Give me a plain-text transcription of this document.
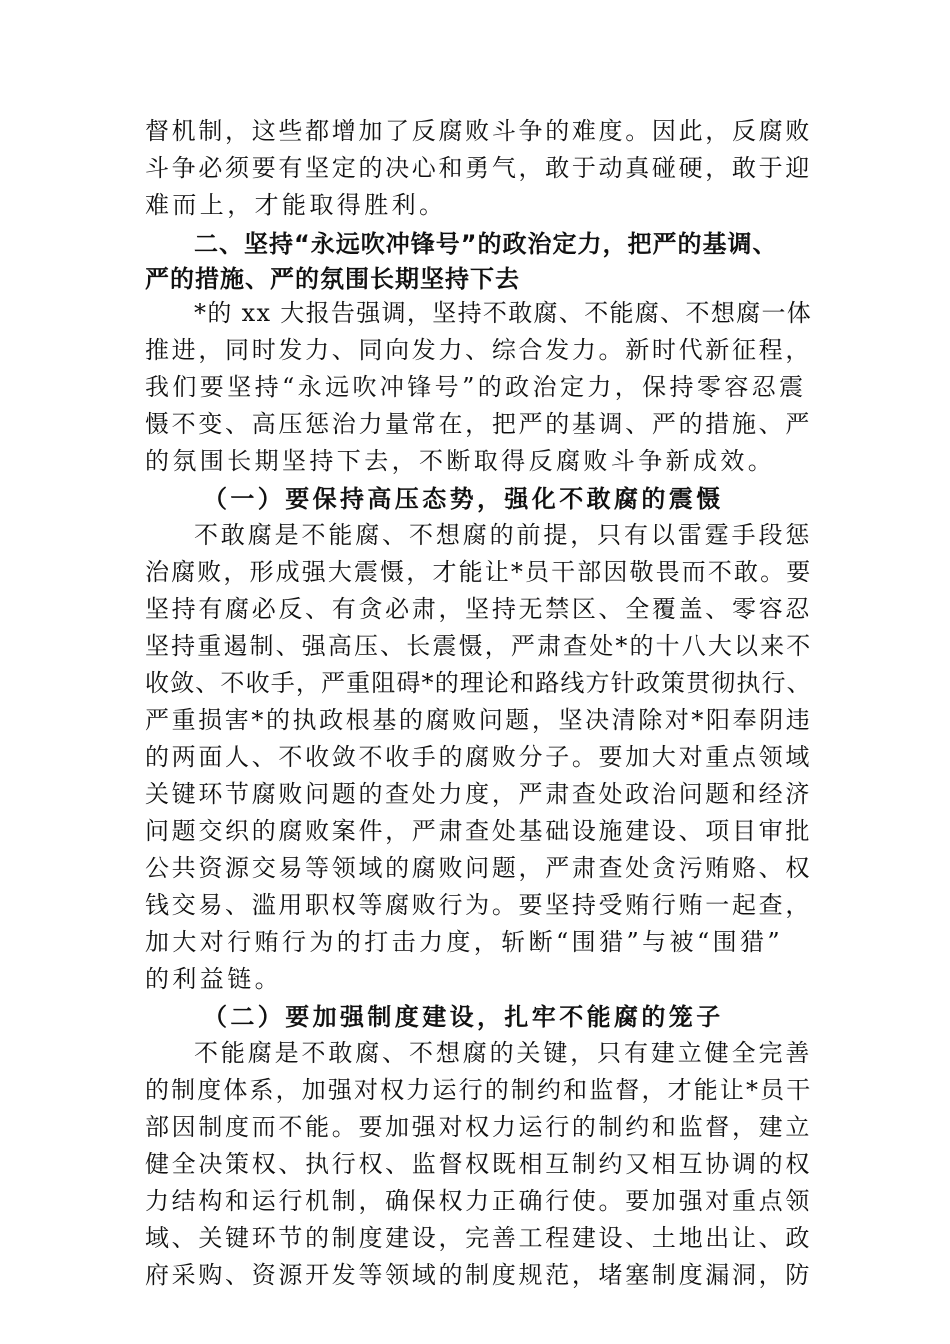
督机制，这些都增加了反腐败斗争的难度。因此，反腐败
斗争必须要有坚定的决心和勇气，敢于动真碰硬，敢于迎
难而上，才能取得胜利。
二、坚持“永远吹冲锋号”的政治定力，把严的基调、
严的措施、严的氛围长期坚持下去
*的 xx 大报告强调，坚持不敢腐、不能腐、不想腐一体
推进，同时发力、同向发力、综合发力。新时代新征程，
我们要坚持“永远吹冲锋号”的政治定力，保持零容忍震
慑不变、高压惩治力量常在，把严的基调、严的措施、严
的氛围长期坚持下去，不断取得反腐败斗争新成效。
（一）要保持高压态势，强化不敢腐的震慑
不敢腐是不能腐、不想腐的前提，只有以雷霆手段惩
治腐败，形成强大震慑，才能让*员干部因敬畏而不敢。要
坚持有腐必反、有贪必肃，坚持无禁区、全覆盖、零容忍
坚持重遏制、强高压、长震慑，严肃查处*的十八大以来不
收敛、不收手，严重阻碍*的理论和路线方针政策贯彻执行、
严重损害*的执政根基的腐败问题，坚决清除对*阳奉阴违
的两面人、不收敛不收手的腐败分子。要加大对重点领域
关键环节腐败问题的查处力度，严肃查处政治问题和经济
问题交织的腐败案件，严肃查处基础设施建设、项目审批
公共资源交易等领域的腐败问题，严肃查处贪污贿赂、权
钱交易、滥用职权等腐败行为。要坚持受贿行贿一起查，
加大对行贿行为的打击力度，斩断“围猎”与被“围猎”
的利益链。
（二）要加强制度建设，扎牢不能腐的笼子
不能腐是不敢腐、不想腐的关键，只有建立健全完善
的制度体系，加强对权力运行的制约和监督，才能让*员干
部因制度而不能。要加强对权力运行的制约和监督，建立
健全决策权、执行权、监督权既相互制约又相互协调的权
力结构和运行机制，确保权力正确行使。要加强对重点领
域、关键环节的制度建设，完善工程建设、土地出让、政
府采购、资源开发等领域的制度规范，堵塞制度漏洞，防
